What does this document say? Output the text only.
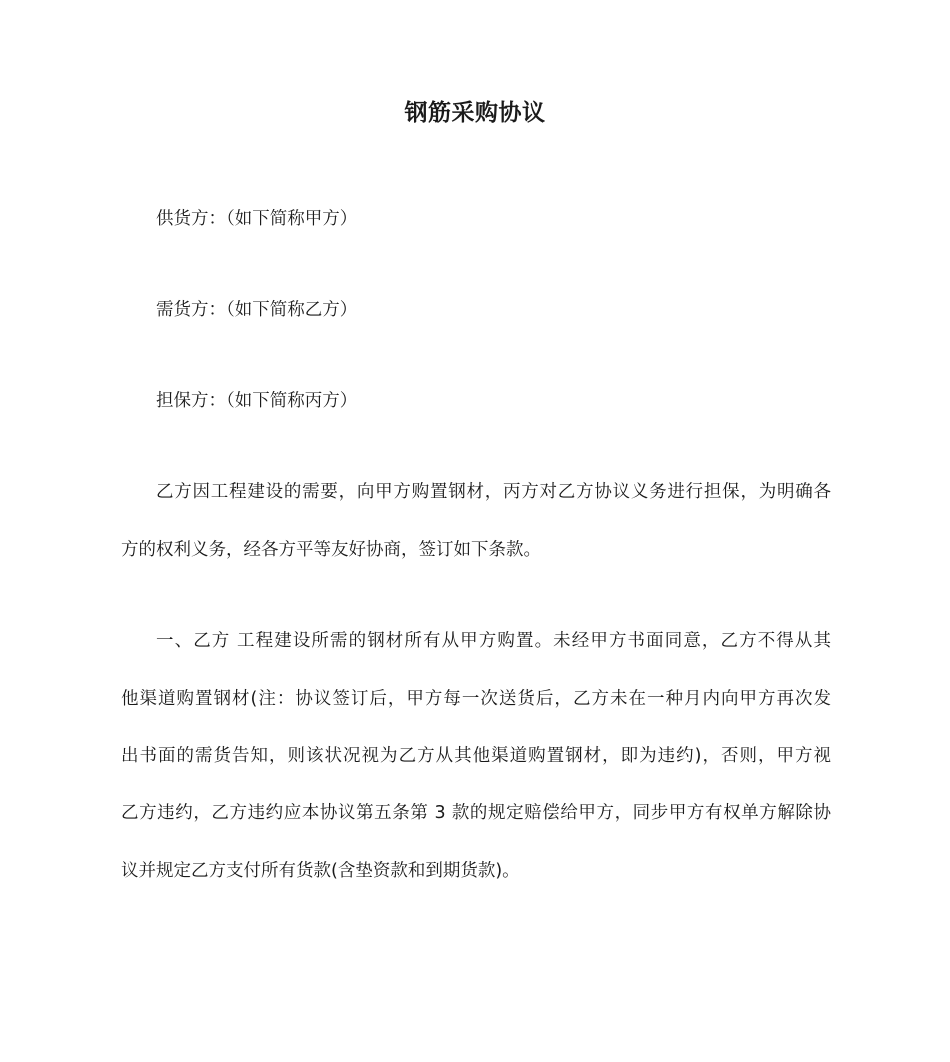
钢筋采购协议
供货方：（如下简称甲方）
需货方：（如下简称乙方）
担保方：（如下简称丙方）
乙方因工程建设的需要，向甲方购置钢材，丙方对乙方协议义务进行担保，为明确各
方的权利义务，经各方平等友好协商，签订如下条款。
一、乙方 工程建设所需的钢材所有从甲方购置。未经甲方书面同意，乙方不得从其
他渠道购置钢材(注：协议签订后，甲方每一次送货后，乙方未在一种月内向甲方再次发
出书面的需货告知，则该状况视为乙方从其他渠道购置钢材，即为违约)，否则，甲方视
乙方违约，乙方违约应本协议第五条第 3 款的规定赔偿给甲方，同步甲方有权单方解除协
议并规定乙方支付所有货款(含垫资款和到期货款)。
